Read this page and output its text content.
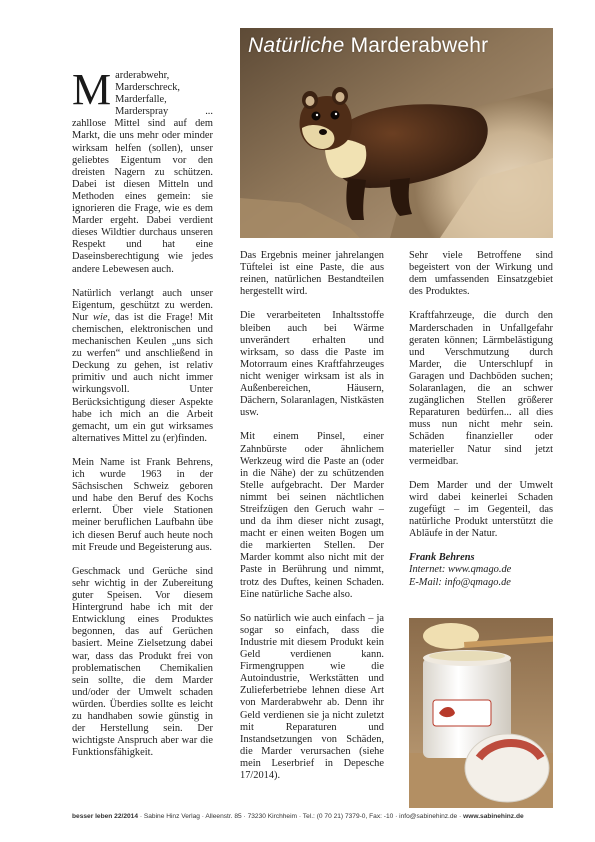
Marderabwehr, Marderschreck, Marderfalle, Marderspray ... zahllose Mittel sind auf dem Markt, die uns mehr oder minder wirksam helfen (sollen), unser geliebtes Eigentum vor den dreisten Nagern zu schützen. Dabei ist diesen Mitteln und Methoden eines gemein: sie ignorieren die Frage, wie es dem Marder ergeht. Dabei verdient dieses Wildtier durchaus unseren Respekt und hat eine Daseinsberechtigung wie jedes andere Lebewesen auch.

Natürlich verlangt auch unser Eigentum, geschützt zu werden. Nur wie, das ist die Frage! Mit chemischen, elektronischen und mechanischen Keulen „uns sich zu werfen“ und anschließend in Deckung zu gehen, ist relativ primitiv und auch nicht immer wirkungsvoll. Unter Berücksichtigung dieser Aspekte habe ich mich an die Arbeit gemacht, um ein gut wirksames alternatives Mittel zu (er)finden.

Mein Name ist Frank Behrens, ich wurde 1963 in der Sächsischen Schweiz geboren und habe den Beruf des Kochs erlernt. Über viele Stationen meiner beruflichen Laufbahn übe ich diesen Beruf auch heute noch mit Freude und Begeisterung aus.

Geschmack und Gerüche sind sehr wichtig in der Zubereitung guter Speisen. Vor diesem Hintergrund habe ich mit der Entwicklung eines Produktes begonnen, das auf Gerüchen basiert. Meine Zielsetzung dabei war, dass das Produkt frei von problematischen Chemikalien sein sollte, die dem Marder und/oder der Umwelt schaden würden. Überdies sollte es leicht zu handhaben sowie günstig in der Herstellung sein. Der wichtigste Anspruch aber war die Funktionsfähigkeit.

Natürliche Marderabwehr

Das Ergebnis meiner jahrelangen Tüftelei ist eine Paste, die aus reinen, natürlichen Bestandteilen hergestellt wird.

Die verarbeiteten Inhaltsstoffe bleiben auch bei Wärme unverändert erhalten und wirksam, so dass die Paste im Motorraum eines Kraftfahrzeuges nicht weniger wirksam ist als in Außenbereichen, Häusern, Dächern, Solaranlagen, Nistkästen usw.

Mit einem Pinsel, einer Zahnbürste oder ähnlichem Werkzeug wird die Paste an (oder in die Nähe) der zu schützenden Stelle aufgebracht. Der Marder nimmt bei seinen nächtlichen Streifzügen den Geruch wahr – und da ihm dieser nicht zusagt, macht er einen weiten Bogen um die markierten Stellen. Der Marder kommt also nicht mit der Paste in Berührung und nimmt, trotz des Duftes, keinen Schaden. Eine natürliche Sache also.

So natürlich wie auch einfach – ja sogar so einfach, dass die Industrie mit diesem Produkt kein Geld verdienen kann. Firmengruppen wie die Autoindustrie, Werkstätten und Zulieferbetriebe lehnen diese Art von Marderabwehr ab. Denn ihr Geld verdienen sie ja nicht zuletzt mit Reparaturen und Instandsetzungen von Schäden, die Marder verursachen (siehe mein Leserbrief in Depesche 17/2014).

Sehr viele Betroffene sind begeistert von der Wirkung und dem umfassenden Einsatzgebiet des Produktes.

Kraftfahrzeuge, die durch den Marderschaden in Unfallgefahr geraten können; Lärmbelästigung und Verschmutzung durch Marder, die Unterschlupf in Garagen und Dachböden suchen; Solaranlagen, die an schwer zugänglichen Stellen größerer Reparaturen bedürfen... all dies muss nun nicht mehr sein. Schäden finanzieller oder materieller Natur sind jetzt vermeidbar.

Dem Marder und der Umwelt wird dabei keinerlei Schaden zugefügt – im Gegenteil, das natürliche Produkt unterstützt die Abläufe in der Natur.

Frank Behrens
Internet: www.qmago.de
E-Mail: info@qmago.de
besser leben 22/2014 · Sabine Hinz Verlag · Alleenstr. 85 · 73230 Kirchheim · Tel.: (0 70 21) 7379-0, Fax: -10 · info@sabinehinz.de · www.sabinehinz.de
